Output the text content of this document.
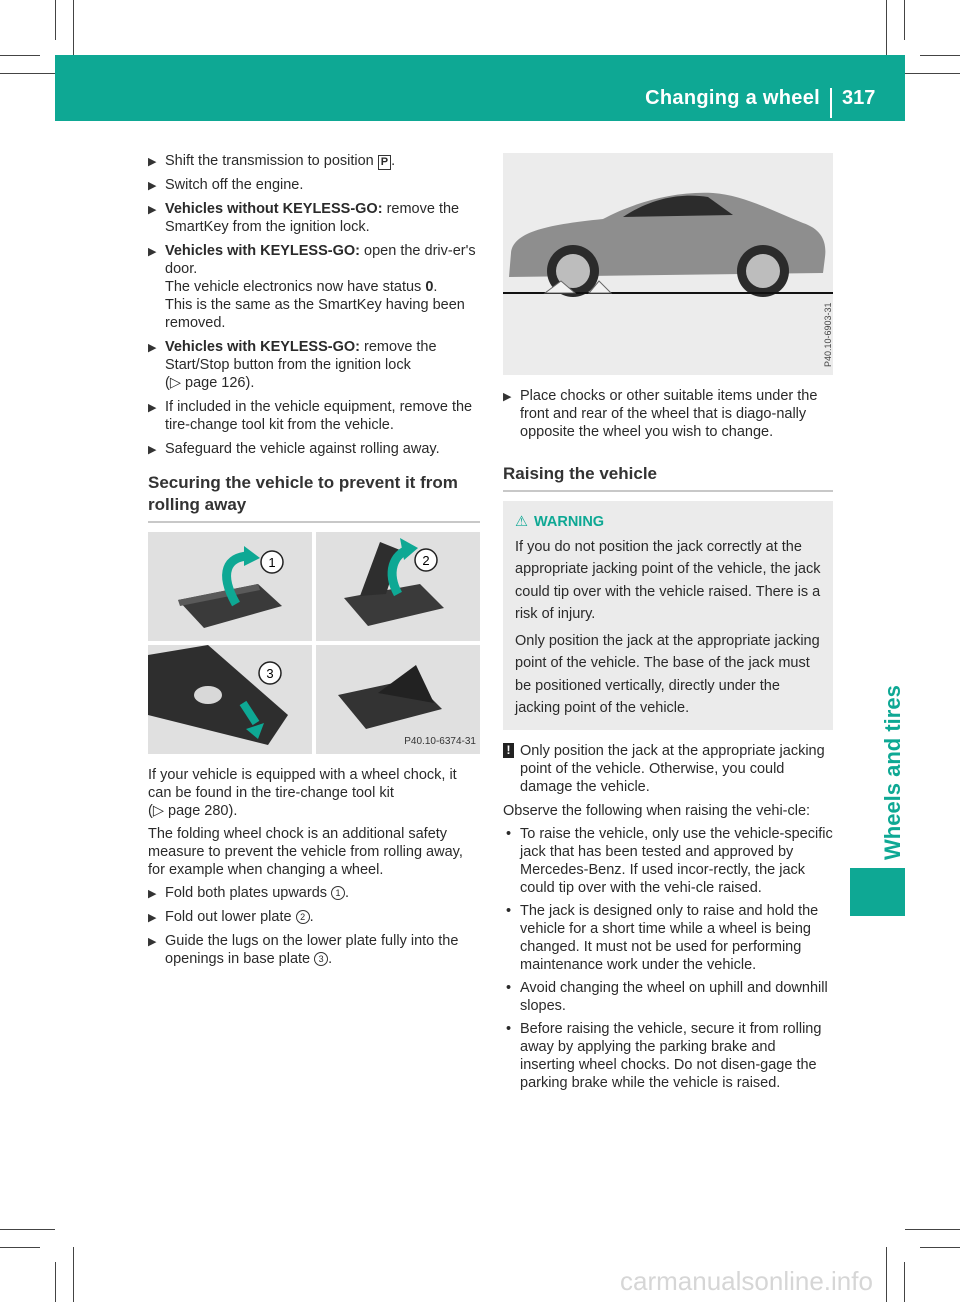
Changing a wheel 317
Wheels and tires
▶ Shift the transmission to position P .
▶ Switch off the engine.
▶ Vehicles without KEYLESS-GO: remove the SmartKey from the ignition lock.
▶ Vehicles with KEYLESS-GO: open the driv-er's door.
The vehicle electronics now have status 0.
This is the same as the SmartKey having been removed.
▶ Vehicles with KEYLESS-GO: remove the Start/Stop button from the ignition lock
(▷ page 126).
▶ If included in the vehicle equipment, remove the tire-change tool kit from the vehicle.
▶ Safeguard the vehicle against rolling away.
Securing the vehicle to prevent it from rolling away
1	2
3
P40.10-6374-31
If your vehicle is equipped with a wheel chock, it can be found in the tire-change tool kit
(▷ page 280).
The folding wheel chock is an additional safety measure to prevent the vehicle from rolling away, for example when changing a wheel.
▶ Fold both plates upwards 1 .
▶ Fold out lower plate 2 .
▶ Guide the lugs on the lower plate fully into the openings in base plate 3 .
P40.10-6903-31
▶ Place chocks or other suitable items under the front and rear of the wheel that is diago-nally opposite the wheel you wish to change.
Raising the vehicle
⚠ WARNING
If you do not position the jack correctly at the appropriate jacking point of the vehicle, the jack could tip over with the vehicle raised. There is a risk of injury.
Only position the jack at the appropriate jacking point of the vehicle. The base of the jack must be positioned vertically, directly under the jacking point of the vehicle.
! Only position the jack at the appropriate jacking point of the vehicle. Otherwise, you could damage the vehicle.
Observe the following when raising the vehi-cle:
• To raise the vehicle, only use the vehicle-specific jack that has been tested and approved by Mercedes-Benz. If used incor-rectly, the jack could tip over with the vehi-cle raised.
• The jack is designed only to raise and hold the vehicle for a short time while a wheel is being changed. It must not be used for performing maintenance work under the vehicle.
• Avoid changing the wheel on uphill and downhill slopes.
• Before raising the vehicle, secure it from rolling away by applying the parking brake and inserting wheel chocks. Do not disen-gage the parking brake while the vehicle is raised.
carmanualsonline.info
